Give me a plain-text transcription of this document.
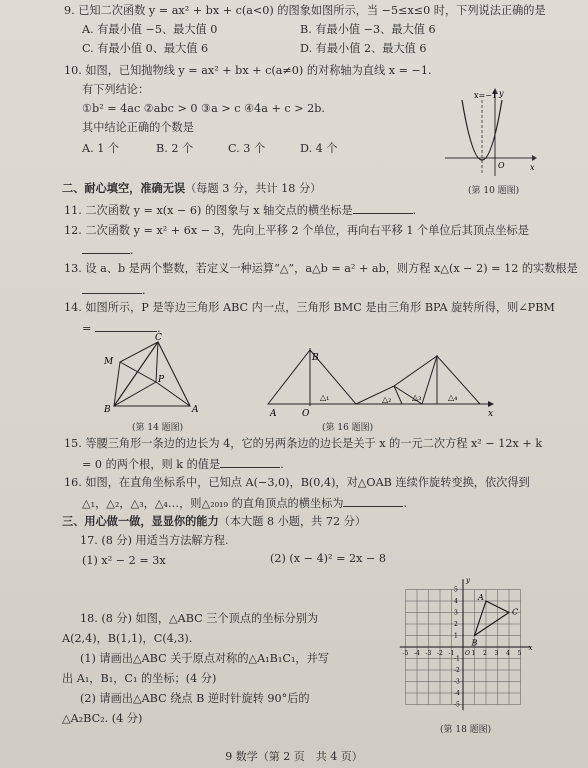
9. 已知二次函数 y = ax² + bx + c(a<0) 的图象如图所示，当 −5≤x≤0 时，下列说法正确的是
A. 有最小值 −5、最大值 0	B. 有最小值 −3、最大值 6
C. 有最小值 0、最大值 6	D. 有最小值 2、最大值 6
10. 如图，已知抛物线 y = ax² + bx + c(a≠0) 的对称轴为直线 x = −1.
有下列结论：
①b² = 4ac ②abc > 0 ③a > c ④4a + c > 2b.
其中结论正确的个数是
A. 1 个	B. 2 个	C. 3 个	D. 4 个
x=−1 y
x
O
(第 10 题图)
二、耐心填空，准确无误（每题 3 分，共计 18 分）
11. 二次函数 y = x(x − 6) 的图象与 x 轴交点的横坐标是	.
12. 二次函数 y = x² + 6x − 3，先向上平移 2 个单位，再向右平移 1 个单位后其顶点坐标是
.
13. 设 a、b 是两个整数，若定义一种运算“△”，a△b = a² + ab，则方程 x△(x − 2) = 12 的实数根是
.
14. 如图所示，P 是等边三角形 ABC 内一点，三角形 BMC 是由三角形 BPA 旋转所得，则∠PBM
=	.
M
C
P
B	A
(第 14 题图)
B
A	O	x
△₁	△₂	△₃	△₄
(第 16 题图)
15. 等腰三角形一条边的边长为 4，它的另两条边的边长是关于 x 的一元二次方程 x² − 12x + k
= 0 的两个根，则 k 的值是	.
16. 如图，在直角坐标系中，已知点 A(−3,0)，B(0,4)，对△OAB 连续作旋转变换，依次得到
△₁，△₂，△₃，△₄…，则△₂₀₁₉ 的直角顶点的横坐标为	.
三、用心做一做，显显你的能力（本大题 8 小题，共 72 分）
17. (8 分) 用适当方法解方程.
(1) x² − 2 = 3x	(2) (x − 4)² = 2x − 8
18. (8 分) 如图，△ABC 三个顶点的坐标分别为
A(2,4)，B(1,1)，C(4,3).
(1) 请画出△ABC 关于原点对称的△A₁B₁C₁，并写
出 A₁，B₁，C₁ 的坐标；(4 分)
(2) 请画出△ABC 绕点 B 逆时针旋转 90°后的
△A₂BC₂. (4 分)
-5
-5
-4
-4
-3
-3
-2
-2
-1
-1
1
1
2
2
3
3
4
4
5
5
x
y
O
A
B
C
(第 18 题图)
9 数学（第 2 页　共 4 页）
